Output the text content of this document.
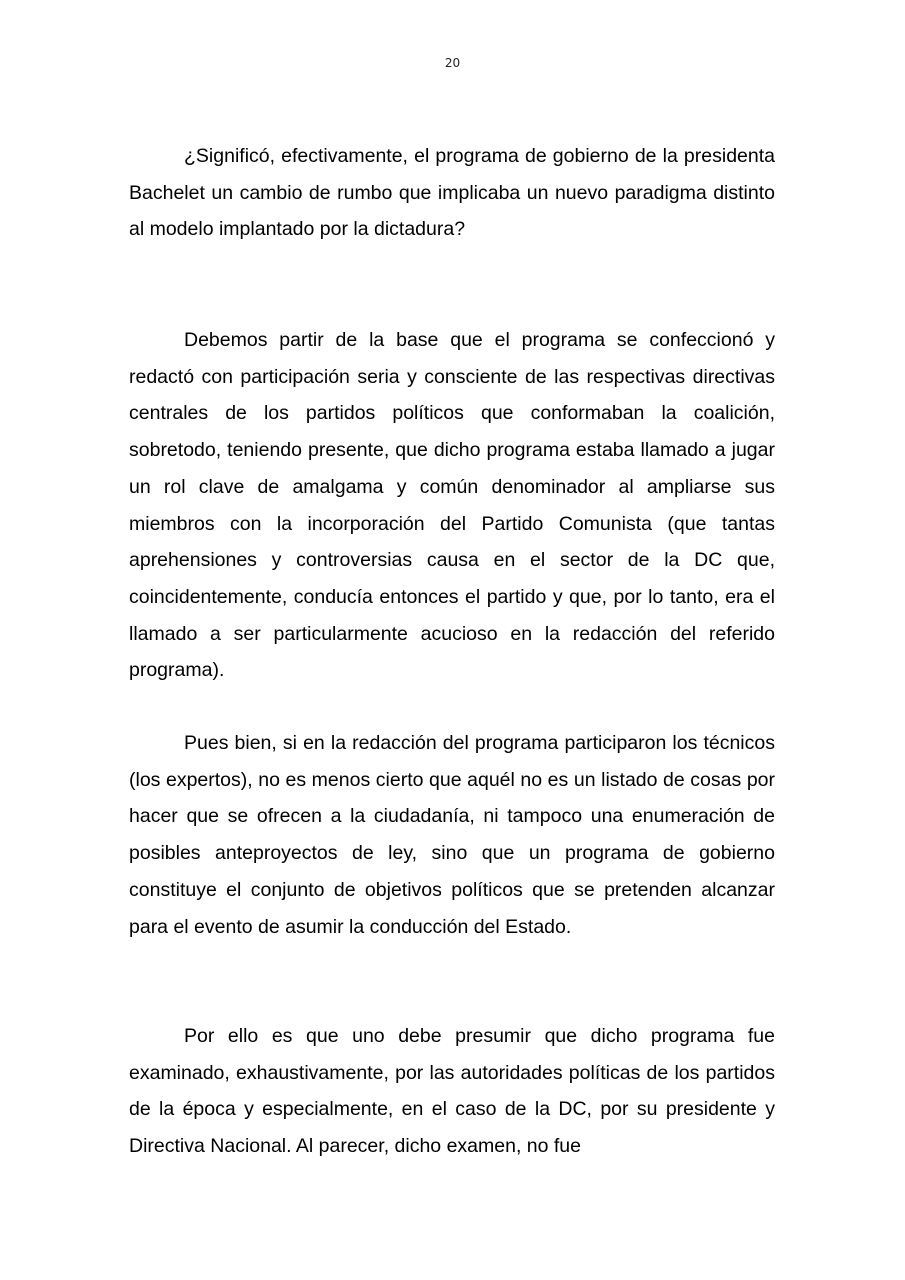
20

¿Significó, efectivamente, el programa de gobierno de la presidenta Bachelet un cambio de rumbo que implicaba un nuevo paradigma distinto al modelo implantado por la dictadura?

Debemos partir de la base que el programa se confeccionó y redactó con participación seria y consciente de las respectivas directivas centrales de los partidos políticos que conformaban la coalición, sobretodo, teniendo presente, que dicho programa estaba llamado a jugar un rol clave de amalgama y común denominador al ampliarse sus miembros con la incorporación del Partido Comunista (que tantas aprehensiones y controversias causa en el sector de la DC que, coincidentemente, conducía entonces el partido y que, por lo tanto, era el llamado a ser particularmente acucioso en la redacción del referido programa).

Pues bien, si en la redacción del programa participaron los técnicos (los expertos), no es menos cierto que aquél no es un listado de cosas por hacer que se ofrecen a la ciudadanía, ni tampoco una enumeración de posibles anteproyectos de ley, sino que un programa de gobierno constituye el conjunto de objetivos políticos que se pretenden alcanzar para el evento de asumir la conducción del Estado.

Por ello es que uno debe presumir que dicho programa fue examinado, exhaustivamente, por las autoridades políticas de los partidos de la época y especialmente, en el caso de la DC, por su presidente y Directiva Nacional. Al parecer, dicho examen, no fue
